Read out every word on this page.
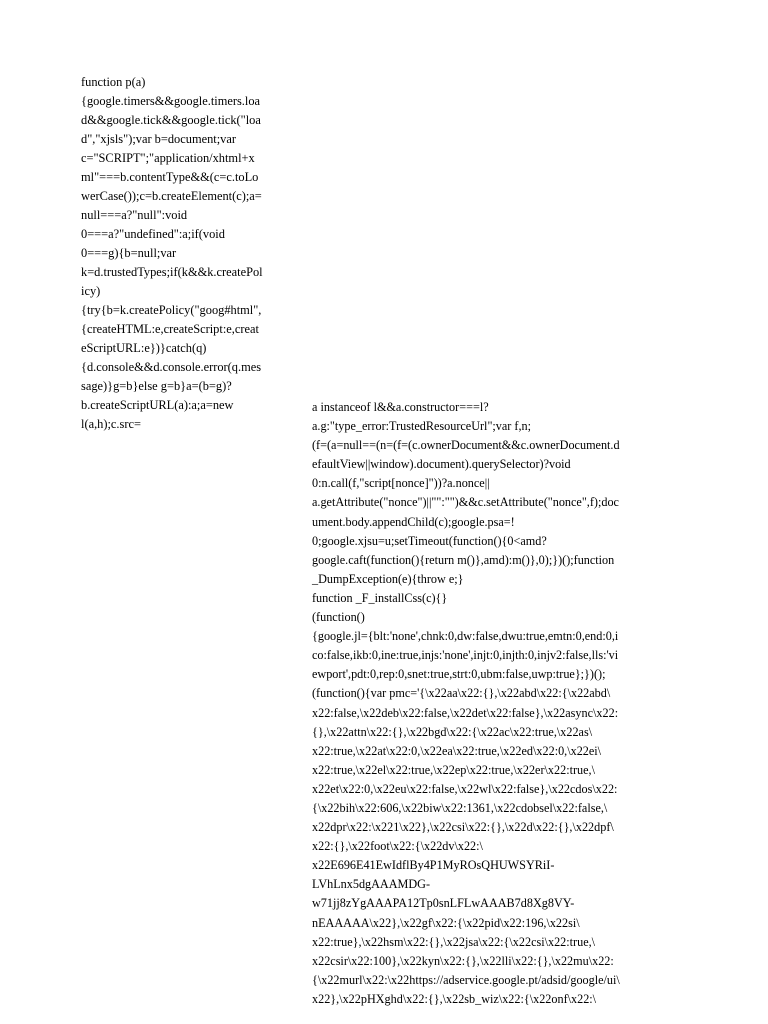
function p(a)
{google.timers&&google.timers.loa
d&&google.tick&&google.tick("loa
d","xjsls");var b=document;var
c="SCRIPT";"application/xhtml+x
ml"===b.contentType&&(c=c.toLo
werCase());c=b.createElement(c);a=
null===a?"null":void
0===a?"undefined":a;if(void
0===g){b=null;var
k=d.trustedTypes;if(k&&k.createPol
icy)
{try{b=k.createPolicy("goog#html",
{createHTML:e,createScript:e,creat
eScriptURL:e})}catch(q)
{d.console&&d.console.error(q.mes
sage)}g=b}else g=b}a=(b=g)?
b.createScriptURL(a):a;a=new
l(a,h);c.src=
a instanceof l&&a.constructor===l?
a.g:"type_error:TrustedResourceUrl";var f,n;
(f=(a=null==(n=(f=(c.ownerDocument&&c.ownerDocument.d
efaultView||window).document).querySelector)?void
0:n.call(f,"script[nonce]"))?a.nonce||
a.getAttribute("nonce")||"":"")&&c.setAttribute("nonce",f);doc
ument.body.appendChild(c);google.psa=!
0;google.xjsu=u;setTimeout(function(){0<amd?
google.caft(function(){return m()},amd):m()},0);})();function
_DumpException(e){throw e;}
function _F_installCss(c){}
(function()
{google.jl={blt:'none',chnk:0,dw:false,dwu:true,emtn:0,end:0,i
co:false,ikb:0,ine:true,injs:'none',injt:0,injth:0,injv2:false,lls:'vi
ewport',pdt:0,rep:0,snet:true,strt:0,ubm:false,uwp:true};})();
(function(){var pmc='{\x22aa\x22:{},\x22abd\x22:{\x22abd\
x22:false,\x22deb\x22:false,\x22det\x22:false},\x22async\x22:
{},\x22attn\x22:{},\x22bgd\x22:{\x22ac\x22:true,\x22as\
x22:true,\x22at\x22:0,\x22ea\x22:true,\x22ed\x22:0,\x22ei\
x22:true,\x22el\x22:true,\x22ep\x22:true,\x22er\x22:true,\
x22et\x22:0,\x22eu\x22:false,\x22wl\x22:false},\x22cdos\x22:
{\x22bih\x22:606,\x22biw\x22:1361,\x22cdobsel\x22:false,\
x22dpr\x22:\x221\x22},\x22csi\x22:{},\x22d\x22:{},\x22dpf\
x22:{},\x22foot\x22:{\x22dv\x22:\
x22E696E41EwIdflBy4P1MyROsQHUWSYRiI-
LVhLnx5dgAAAMDG-
w71jj8zYgAAAPA12Tp0snLFLwAAAB7d8Xg8VY-
nEAAAAA\x22},\x22gf\x22:{\x22pid\x22:196,\x22si\
x22:true},\x22hsm\x22:{},\x22jsa\x22:{\x22csi\x22:true,\
x22csir\x22:100},\x22kyn\x22:{},\x22lli\x22:{},\x22mu\x22:
{\x22murl\x22:\x22https://adservice.google.pt/adsid/google/ui\
x22},\x22pHXghd\x22:{},\x22sb_wiz\x22:{\x22onf\x22:\
